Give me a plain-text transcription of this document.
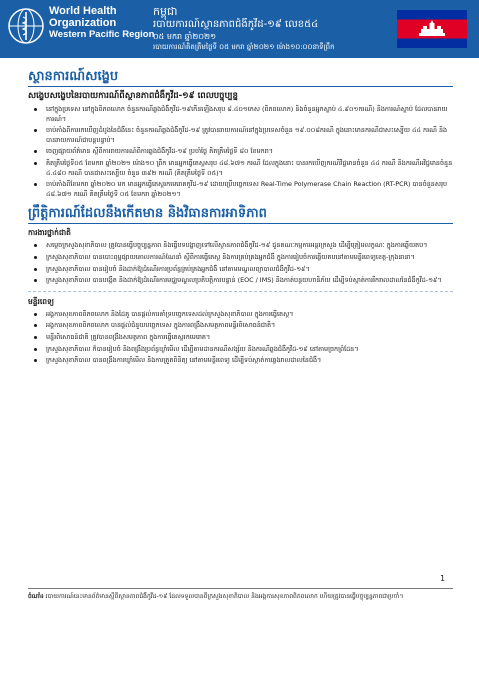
World Health
Organization
Western Pacific Region
កម្ពុជា
របាយការណ៍ស្ថានភាពជំងឺកូវីដ-១៩ លេខ៥៤
០៥ មករា ឆ្នាំ២០២១
របាយការណ៍គិតត្រឹមថ្ងៃទី ០៥ មករា ឆ្នាំ២០២១ ម៉ោង១០:០០នាទីព្រឹក
ស្ថានការណ៍សង្ខេប
សង្ខេបសង្ខេបនៃរបាយការណ៍ពីស្ថានភាពជំងឺកូវីដ-១៩ ពេលបច្ចុប្បន្ន
នៅក្នុងប្រទេស នៅក្នុងពិភពលោក ចំនួនករណីឆ្លងជំងឺកូវីដ-១៩កើនឡើងសរុប ៨.៤០១កេស (ពិភពលោក) និងចំនួនអ្នកស្លាប់ ៤.៩០១ករណី) និងការណ៍ស្លាប់ ដែលបានរាយការណ៍។
ចាប់តាំងពីការរកឃើញដំបូងនៃជំងឺនេះ ចំនួនករណីឆ្លងជំងឺកូវីដ-១៩ ត្រូវបានរាយការណ៍នៅក្នុងប្រទេសចំនួន ១៩.០០៨ករណី ក្នុងនោះមានករណីជាសះស្បើយ ៤៤ ករណី និងបានរាយការណ៍ជាបន្តបន្ទាប់។
ចេញផ្សាយព័ត៌មាន ស្តីពីការរាយការណ៍ពីការឆ្លងជំងឺកូវីដ-១៩ ប្រចាំថ្ងៃ គិតត្រឹមថ្ងៃទី ៨០ ខែមករា។
គិតត្រឹមថ្ងៃទី០៥ ខែមករា ឆ្នាំ២០២១ ម៉ោង១០ ព្រឹក មានអ្នកធ្វើតេស្តសរុប ៤៨.៦៧១ ករណី ដែលក្នុងនោះ បានរកឃើញករណីវិជ្ជមានចំនួន ៤៤ ករណី និងករណីអវិជ្ជមានចំនួន ៤.៤៨០ ករណី បានជាសះស្បើយ ចំនួន ៣៩២ ករណី (គិតត្រឹមថ្ងៃទី ០៥)។
ចាប់តាំងពីខែមករា ឆ្នាំ២០២០ មក មានអ្នកធ្វើតេស្តរកមេរោគកូវីដ-១៩ ដោយប្រើបច្ចេកទេស Real-Time Polymerase Chain Reaction (RT-PCR) បានចំនួនសរុប ៤៨.៦៧១ ករណី គិតត្រឹមថ្ងៃទី ០៥ ខែមករា ឆ្នាំ២០២១។
ព្រឹត្តិការណ៍ដែលនឹងកើតមាន និងវិធានការអាទិភាព
ការងារថ្នាក់ជាតិ
សម្តេចក្រសួងសុខាភិបាល ត្រូវបានធ្វើបច្ចុប្បន្នភាព និងធ្វើបទបង្ហាញទៅលើស្ថានភាពជំងឺកូវីដ-១៩ ជូនគណៈកម្មការអន្តរក្រសួង ដើម្បីត្រៀមលក្ខណៈ ក្នុងការឆ្លើយតប។
ក្រសួងសុខាភិបាល បានបោះពុម្ពផ្សាយគោលការណ៍ណែនាំ ស្តីពីការធ្វើតេស្ត និងការគ្រប់គ្រងអ្នកជំងឺ ក្នុងការរៀបចំការឆ្លើយតបនៅតាមមន្ទីរពេទ្យខេត្ត-ក្រុងនានា។
ក្រសួងសុខាភិបាល បានរៀបចំ និងដាក់ឱ្យដំណើរការប្រព័ន្ធគ្រប់គ្រងអ្នកជំងឺ នៅតាមមណ្ឌលព្យាបាលជំងឺកូវីដ-១៩។
ក្រសួងសុខាភិបាល បានបង្កើត និងដាក់ឱ្យដំណើរការមជ្ឈមណ្ឌលប្រតិបត្តិការបន្ទាន់ (EOC / IMS) និងកាត់បន្ថយហានិភ័យ ដើម្បីទប់ស្កាត់ការរីករាលដាលនៃជំងឺកូវីដ-១៩។
មន្ទីរពេទ្យ
អង្គការសុខភាពពិភពលោក និងដៃគូ បានផ្តល់ការគាំទ្របច្ចេកទេសដល់ក្រសួងសុខាភិបាល ក្នុងការធ្វើតេស្ត។
អង្គការសុខភាពពិភពលោក បានផ្តល់ជំនួយបច្ចេកទេស ក្នុងការពង្រឹងសមត្ថភាពមន្ទីរពិសោធន៍ជាតិ។
មន្ទីរពិសោធន៍ជាតិ ត្រូវបានពង្រឹងសមត្ថភាព ក្នុងការធ្វើតេស្តរកមេរោគ។
ក្រសួងសុខាភិបាល ក៏បានរៀបចំ និងពង្រឹងប្រព័ន្ធឃ្លាំមើល ដើម្បីតាមដានករណីសង្ស័យ និងករណីឆ្លងជំងឺកូវីដ-១៩ នៅតាមច្រកព្រំដែន។
ក្រសួងសុខាភិបាល បានពង្រឹងការឃ្លាំមើល និងការត្រួតពិនិត្យ នៅតាមមន្ទីរពេទ្យ ដើម្បីទប់ស្កាត់ការឆ្លងរាលដាលនៃជំងឺ។
1
ចំណាំ៖ របាយការណ៍នេះមានព័ត៌មានស្តីពីស្ថានភាពជំងឺកូវីដ-១៩ ដែលទទួលបានពីក្រសួងសុខាភិបាល និងអង្គការសុខភាពពិភពលោក ហើយត្រូវបានធ្វើបច្ចុប្បន្នភាពជាប្រចាំ។
